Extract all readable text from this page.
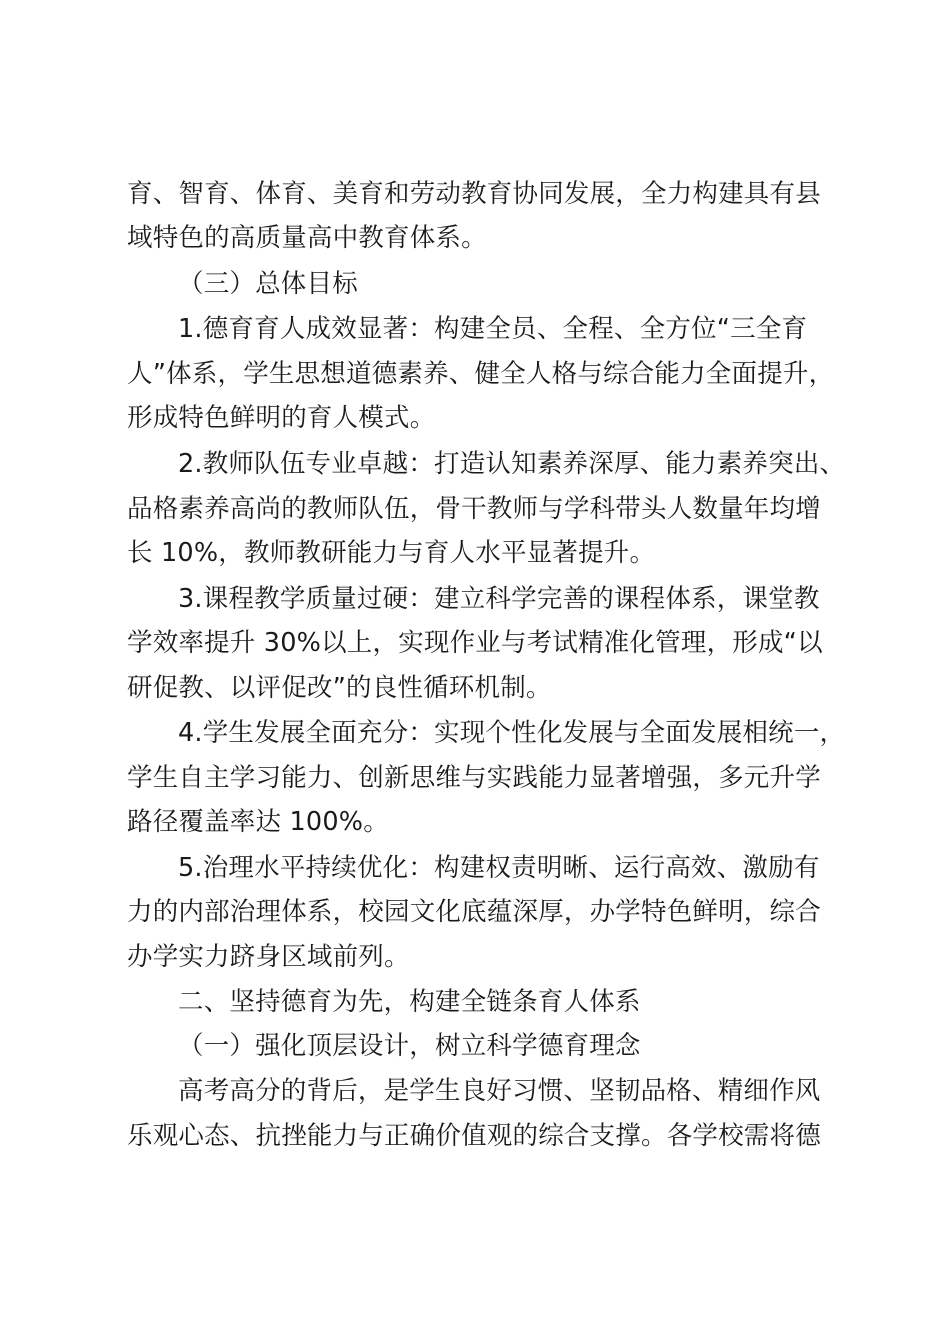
育、智育、体育、美育和劳动教育协同发展，全力构建具有县
域特色的高质量高中教育体系。
（三）总体目标
1.德育育人成效显著：构建全员、全程、全方位“三全育
人”体系，学生思想道德素养、健全人格与综合能力全面提升，
形成特色鲜明的育人模式。
2.教师队伍专业卓越：打造认知素养深厚、能力素养突出、
品格素养高尚的教师队伍，骨干教师与学科带头人数量年均增
长 10%，教师教研能力与育人水平显著提升。
3.课程教学质量过硬：建立科学完善的课程体系，课堂教
学效率提升 30%以上，实现作业与考试精准化管理，形成“以
研促教、以评促改”的良性循环机制。
4.学生发展全面充分：实现个性化发展与全面发展相统一，
学生自主学习能力、创新思维与实践能力显著增强，多元升学
路径覆盖率达 100%。
5.治理水平持续优化：构建权责明晰、运行高效、激励有
力的内部治理体系，校园文化底蕴深厚，办学特色鲜明，综合
办学实力跻身区域前列。
二、坚持德育为先，构建全链条育人体系
（一）强化顶层设计，树立科学德育理念
高考高分的背后，是学生良好习惯、坚韧品格、精细作风
乐观心态、抗挫能力与正确价值观的综合支撑。各学校需将德
